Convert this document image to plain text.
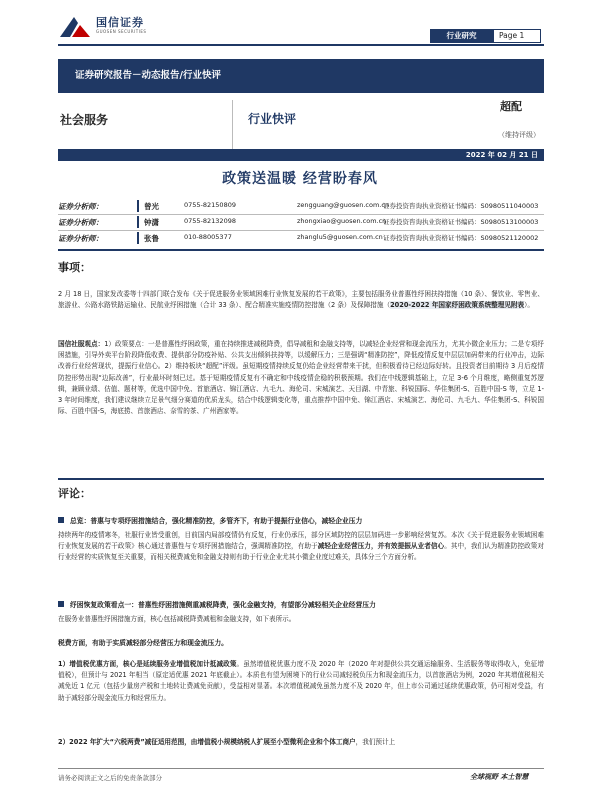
国信证券
GUOSEN SECURITIES	行业研究	Page 1
证券研究报告－动态报告/行业快评
社会服务	行业快评
超配
（维持评级）
2022 年 02 月 21 日
政策送温暖 经营盼春风
证券分析师：	曾光	0755-82150809	zengguang@guosen.com.cn
证券投资咨询执业资格证书编码：S0980511040003
证券分析师：	钟潇	0755-82132098	zhongxiao@guosen.com.cn
证券投资咨询执业资格证书编码：S0980513100003
证券分析师：	张鲁	010-88005377	zhanglu5@guosen.com.cn 证券投资咨询执业资格证书编码：S0980521120002
事项：
2 月 18 日，国家发改委等十四部门联合发布《关于促进服务业领域困难行业恢复发展的若干政策》，主要包括服务业普惠性纾困扶持措施（10 条）、餐饮业、零售业、旅游业、公路水路铁路运输业、民航业纾困措施（合计 33 条）、配合精准实施疫情防控措施（2 条）及保障措施（2020-2022 年国家纾困政策系统整理见附表）。
国信社服观点：1）政策要点：一是普惠性纾困政策，重在持续推进减税降费，倡导减租和金融支持等，以减轻企业经营和现金流压力，尤其小微企业压力；二是专项纾困措施，引导外卖平台阶段降低收费、提供部分防疫补贴、公共支出倾斜扶持等，以缓解压力；三是强调“精准防控”，降低疫情反复中层层加码带来的行业冲击，边际改善行业经营现状，提振行业信心。2）维持板块“超配”评级。虽短期疫情持续反复仍给企业经营带来干扰，但积极看待已经边际好转。且投资者目前期待 3 月后疫情防控形势出现“边际改善”，行业最坏时刻已过。基于短期疫情反复有不确定和中线疫情企稳的积极预期。我们在中线逻辑基础上，立足 3-6 个月维度，略侧重复苏逻辑，兼顾业绩、估值、题材等，优选中国中免、首旅酒店、锦江酒店、九毛九、海伦司、宋城演艺、天目湖、中青旅、科锐国际、华住集团-S、百胜中国-S 等，立足 1-3 年时间维度，我们建议继续立足景气细分赛道的优质龙头，结合中线逻辑变化等，重点推荐中国中免、锦江酒店、宋城演艺、海伦司、九毛九、华住集团-S、科锐国际、百胜中国-S，海底捞、首旅酒店、奈雪的茶、广州酒家等。
评论：
总览：普惠与专项纾困措施结合，强化精准防控，多管齐下，有助于提振行业信心，减轻企业压力
持续两年的疫情寒冬，社服行业皆受重创，目前国内局部疫情仍有反复，行业仍承压，部分区域防控的层层加码进一步影响经营复苏。本次《关于促进服务业领域困难行业恢复发展的若干政策》核心通过普惠性与专项纾困措施结合，强调精准防控，有助于减轻企业经营压力，并有效提振从业者信心。其中，我们认为精准防控政策对行业经营的实质恢复至关重要，而相关税费减免和金融支持则有助于行业企业尤其小微企业度过难关，具体分三个方面分析。
纾困恢复政策看点一：普惠性纾困措施侧重减税降费，强化金融支持，有望部分减轻相关企业经营压力
在服务业普惠性纾困措施方面，核心包括减税降费减租和金融支持，如下表所示。
税费方面，有助于实质减轻部分经营压力和现金流压力。
1）增值税优惠方面，核心是延续服务业增值税加计抵减政策。虽然增值税优惠力度不及 2020 年（2020 年对提供公共交通运输服务、生活服务等取得收入，免征增值税），但预计与 2021 年相当（原定适优惠 2021 年底截止）。本质也有望为困境下的行业公司减轻税负压力和现金流压力，以首旅酒店为例，2020 年其增值税相关减免近 1 亿元（包括少量房产税和土地转让费减免贡献），受益相对显著。本次增值税减免虽然力度不及 2020 年，但上市公司通过延续优惠政策，仍可相对受益，有助于减轻部分现金流压力和经营压力。
2）2022 年扩大“六税两费”减征适用范围，由增值税小规模纳税人扩展至小型微利企业和个体工商户，我们预计上
请务必阅读正文之后的免责条款部分	全球视野 本土智慧
